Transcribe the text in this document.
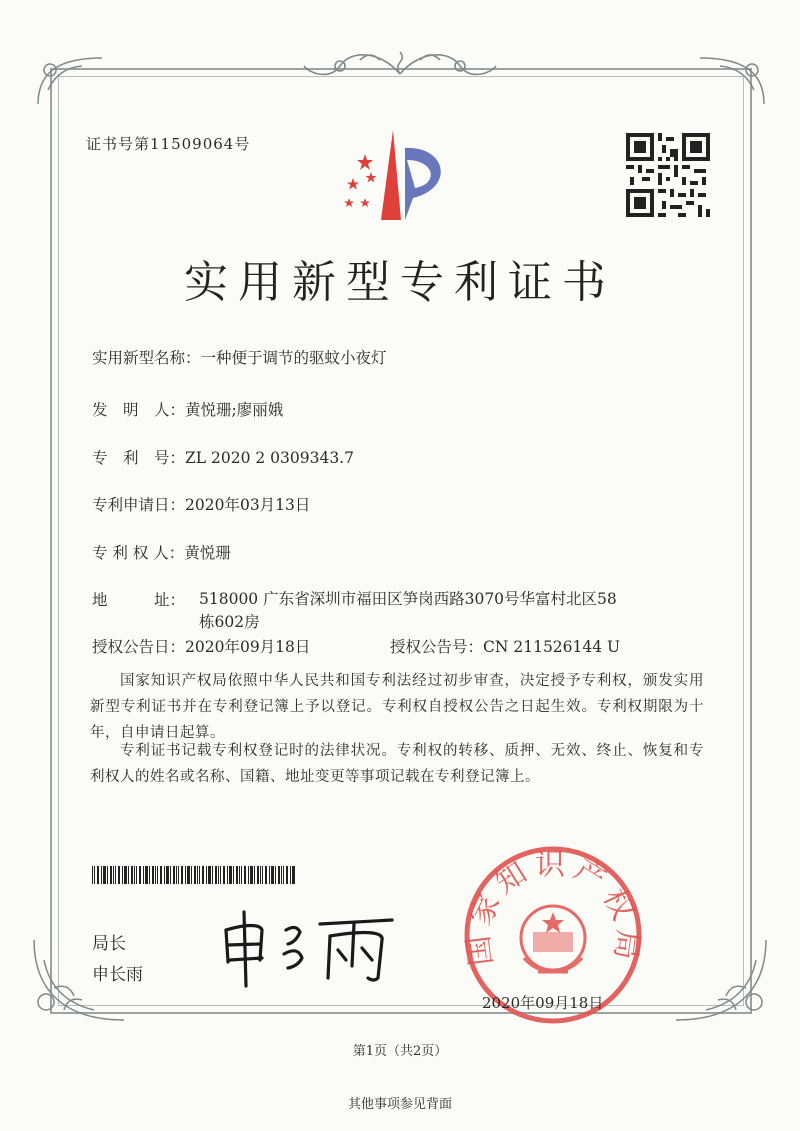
证书号第11509064号
实用新型专利证书
实用新型名称：一种便于调节的驱蚊小夜灯
发　明　人：黄悦珊;廖丽娥
专　利　号：ZL 2020 2 0309343.7
专利申请日：2020年03月13日
专 利 权 人：黄悦珊
地　　　址： 518000 广东省深圳市福田区笋岗西路3070号华富村北区58栋602房
授权公告日：2020年09月18日	授权公告号：CN 211526144 U
国家知识产权局依照中华人民共和国专利法经过初步审查，决定授予专利权，颁发实用新型专利证书并在专利登记簿上予以登记。专利权自授权公告之日起生效。专利权期限为十年，自申请日起算。
专利证书记载专利权登记时的法律状况。专利权的转移、质押、无效、终止、恢复和专利权人的姓名或名称、国籍、地址变更等事项记载在专利登记簿上。
局长
申长雨
国家知识产权局
2020年09月18日
第1页（共2页）
其他事项参见背面
